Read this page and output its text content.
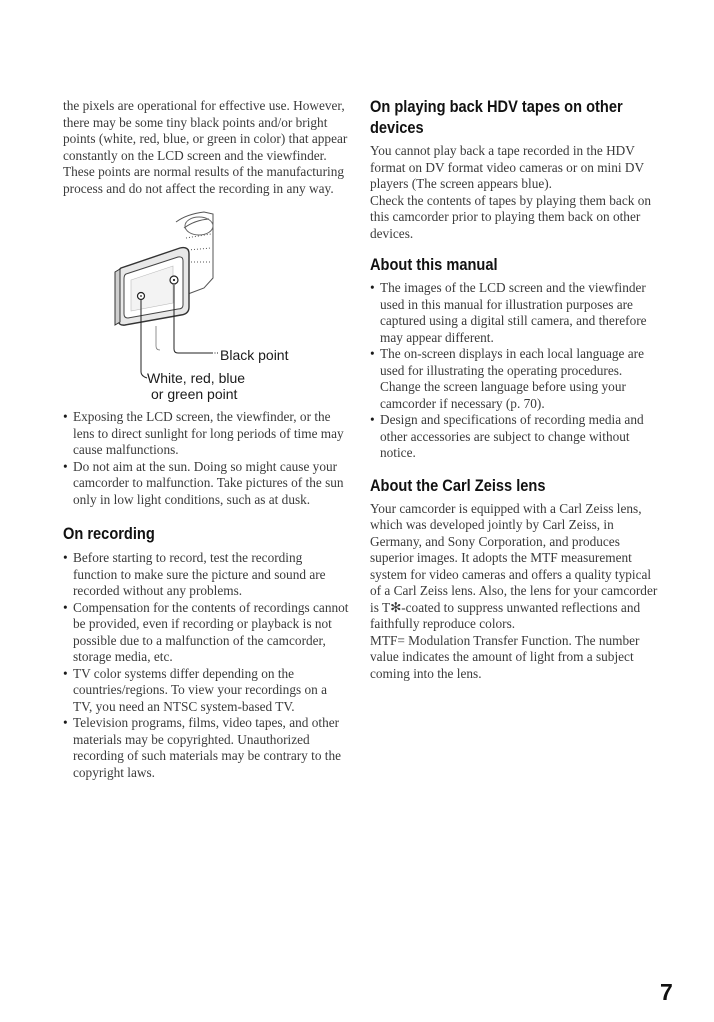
the pixels are operational for effective use. However, there may be some tiny black points and/or bright points (white, red, blue, or green in color) that appear constantly on the LCD screen and the viewfinder. These points are normal results of the manufacturing process and do not affect the recording in any way.

Black point
White, red, blue
or green point
• Exposing the LCD screen, the viewfinder, or the lens to direct sunlight for long periods of time may cause malfunctions.
• Do not aim at the sun. Doing so might cause your camcorder to malfunction. Take pictures of the sun only in low light conditions, such as at dusk.
On recording
• Before starting to record, test the recording function to make sure the picture and sound are recorded without any problems.
• Compensation for the contents of recordings cannot be provided, even if recording or playback is not possible due to a malfunction of the camcorder, storage media, etc.
• TV color systems differ depending on the countries/regions. To view your recordings on a TV, you need an NTSC system-based TV.
• Television programs, films, video tapes, and other materials may be copyrighted. Unauthorized recording of such materials may be contrary to the copyright laws.
On playing back HDV tapes on other
devices

You cannot play back a tape recorded in the HDV format on DV format video cameras or on mini DV players (The screen appears blue).

Check the contents of tapes by playing them back on this camcorder prior to playing them back on other devices.

About this manual
• The images of the LCD screen and the viewfinder used in this manual for illustration purposes are captured using a digital still camera, and therefore may appear different.
• The on-screen displays in each local language are used for illustrating the operating procedures. Change the screen language before using your camcorder if necessary (p. 70).
• Design and specifications of recording media and other accessories are subject to change without notice.
About the Carl Zeiss lens

Your camcorder is equipped with a Carl Zeiss lens, which was developed jointly by Carl Zeiss, in Germany, and Sony Corporation, and produces superior images. It adopts the MTF measurement system for video cameras and offers a quality typical of a Carl Zeiss lens. Also, the lens for your camcorder is T✻-coated to suppress unwanted reflections and faithfully reproduce colors.

MTF= Modulation Transfer Function. The number value indicates the amount of light from a subject coming into the lens.

7
